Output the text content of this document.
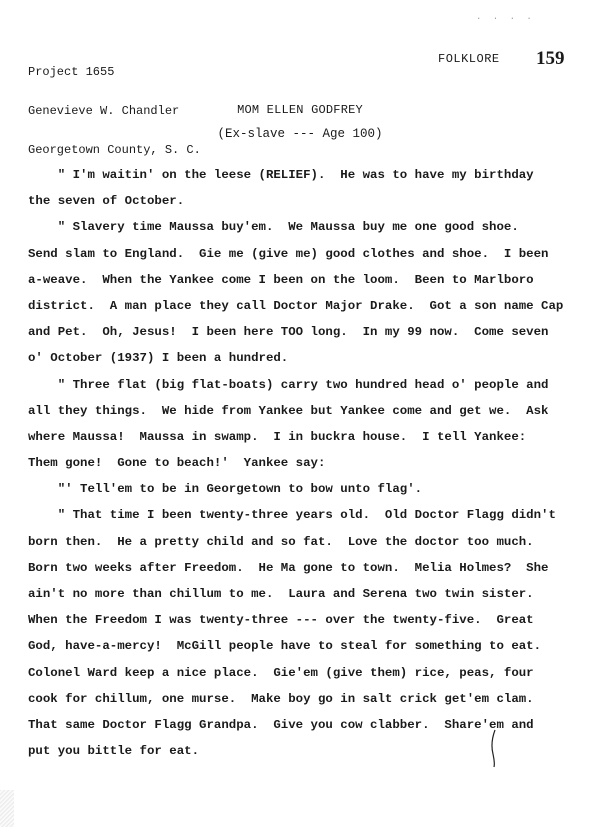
· · · ·

Project 1655

Genevieve W. Chandler

Georgetown County, S. C.

FOLKLORE 159
MOM ELLEN GODFREY
(Ex-slave --- Age 100)
" I'm waitin' on the leese (RELIEF).  He was to have my birthday
the seven of October.
" Slavery time Maussa buy'em.  We Maussa buy me one good shoe.
Send slam to England.  Gie me (give me) good clothes and shoe.  I been
a-weave.  When the Yankee come I been on the loom.  Been to Marlboro
district.  A man place they call Doctor Major Drake.  Got a son name Cap
and Pet.  Oh, Jesus!  I been here TOO long.  In my 99 now.  Come seven
o' October (1937) I been a hundred.
" Three flat (big flat-boats) carry two hundred head o' people and
all they things.  We hide from Yankee but Yankee come and get we.  Ask
where Maussa!  Maussa in swamp.  I in buckra house.  I tell Yankee:
Them gone!  Gone to beach!'  Yankee say:
"' Tell'em to be in Georgetown to bow unto flag'.
" That time I been twenty-three years old.  Old Doctor Flagg didn't
born then.  He a pretty child and so fat.  Love the doctor too much.
Born two weeks after Freedom.  He Ma gone to town.  Melia Holmes?  She
ain't no more than chillum to me.  Laura and Serena two twin sister.
When the Freedom I was twenty-three --- over the twenty-five.  Great
God, have-a-mercy!  McGill people have to steal for something to eat.
Colonel Ward keep a nice place.  Gie'em (give them) rice, peas, four
cook for chillum, one murse.  Make boy go in salt crick get'em clam.
That same Doctor Flagg Grandpa.  Give you cow clabber.  Share'em and
put you bittle for eat.
